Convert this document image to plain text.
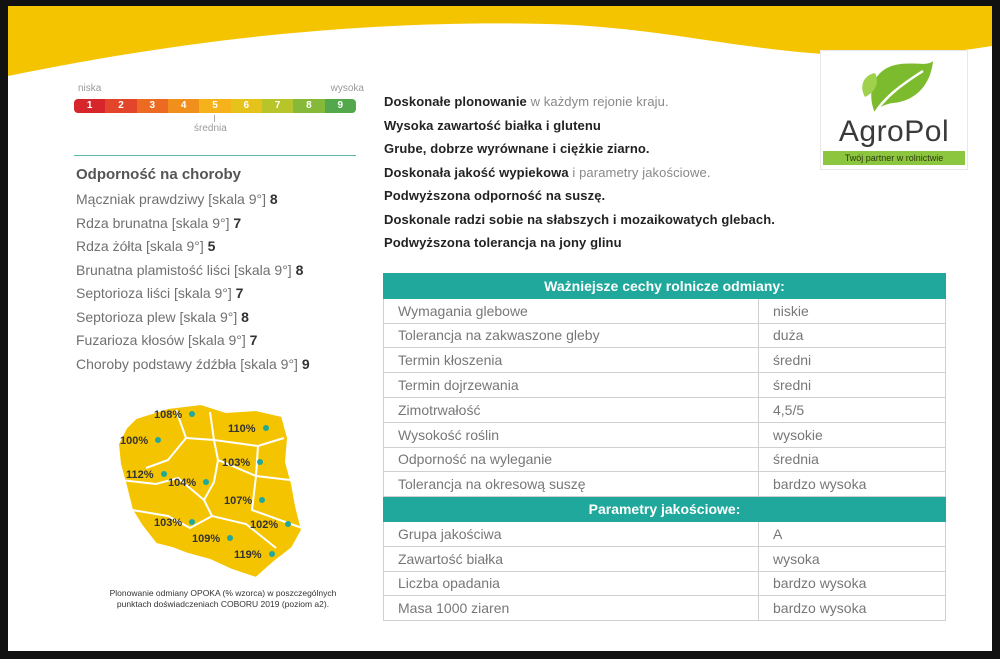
AgroPol
Twój partner w rolnictwie
niska	wysoka
1	2	3	4	5	6	7	8	9
średnia
Odporność na choroby
Mączniak prawdziwy [skala 9°] 8
Rdza brunatna [skala 9°] 7
Rdza żółta [skala 9°] 5
Brunatna plamistość liści [skala 9°] 8
Septorioza liści [skala 9°] 7
Septorioza plew [skala 9°] 8
Fuzarioza kłosów [skala 9°] 7
Choroby podstawy źdźbła [skala 9°] 9
108%
110%
100%
103%
112%
104%
107%
103%	102%
109%
119%
Plonowanie odmiany OPOKA (% wzorca) w poszczególnych
punktach doświadczeniach COBORU 2019 (poziom a2).
Doskonałe plonowanie w każdym rejonie kraju.
Wysoka zawartość białka i glutenu
Grube, dobrze wyrównane i ciężkie ziarno.
Doskonała jakość wypiekowa i parametry jakościowe.
Podwyższona odporność na suszę.
Doskonale radzi sobie na słabszych i mozaikowatych glebach.
Podwyższona tolerancja na jony glinu
Ważniejsze cechy rolnicze odmiany:	
Wymagania glebowe	niskie
Tolerancja na zakwaszone gleby	duża
Termin kłoszenia	średni
Termin dojrzewania	średni
Zimotrwałość	4,5/5
Wysokość roślin	wysokie
Odporność na wyleganie	średnia
Tolerancja na okresową suszę	bardzo wysoka
Parametry jakościowe:	
Grupa jakościwa	A
Zawartość białka	wysoka
Liczba opadania	bardzo wysoka
Masa 1000 ziaren	bardzo wysoka
